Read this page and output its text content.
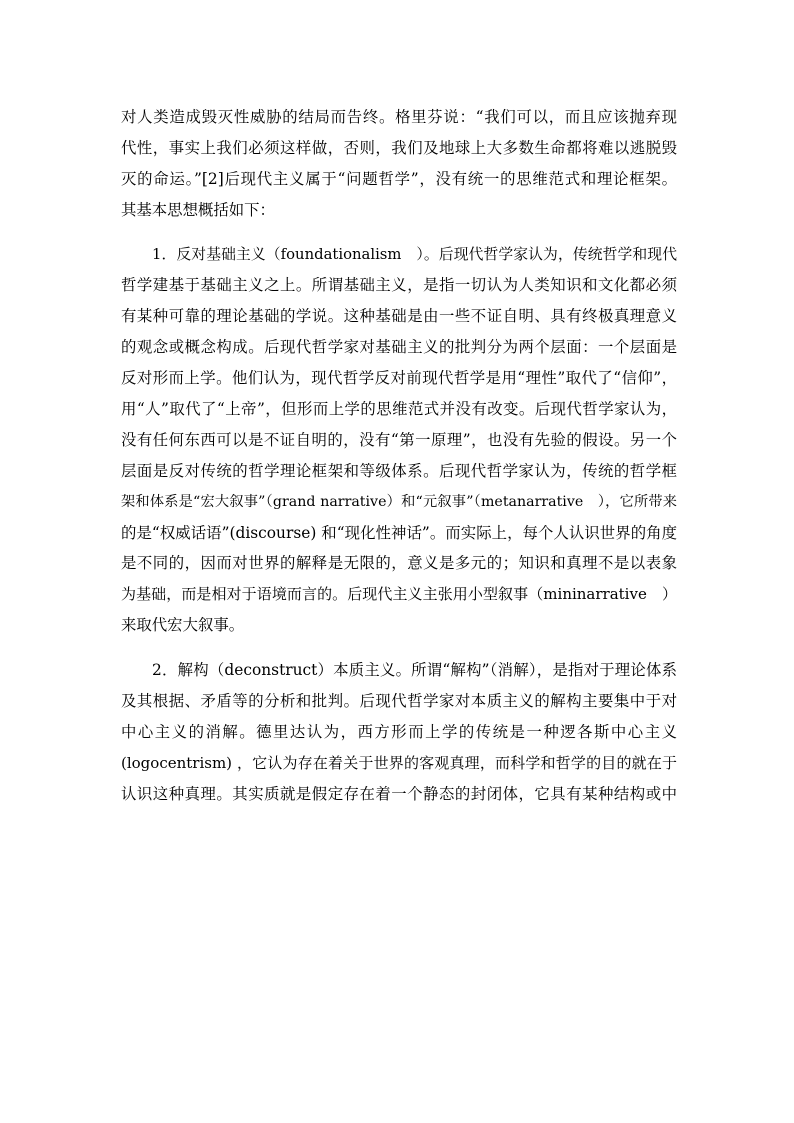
对人类造成毁灭性威胁的结局而告终。格里芬说：“我们可以，而且应该抛弃现
代性，事实上我们必须这样做，否则，我们及地球上大多数生命都将难以逃脱毁
灭的命运。”[2]后现代主义属于“问题哲学”，没有统一的思维范式和理论框架。
其基本思想概括如下：
1．反对基础主义（foundationalism　）。后现代哲学家认为，传统哲学和现代
哲学建基于基础主义之上。所谓基础主义，是指一切认为人类知识和文化都必须
有某种可靠的理论基础的学说。这种基础是由一些不证自明、具有终极真理意义
的观念或概念构成。后现代哲学家对基础主义的批判分为两个层面：一个层面是
反对形而上学。他们认为，现代哲学反对前现代哲学是用“理性”取代了“信仰”，
用“人”取代了“上帝”，但形而上学的思维范式并没有改变。后现代哲学家认为，
没有任何东西可以是不证自明的，没有“第一原理”，也没有先验的假设。另一个
层面是反对传统的哲学理论框架和等级体系。后现代哲学家认为，传统的哲学框
架和体系是“宏大叙事”（grand narrative）和“元叙事”（metanarrative　），它所带来
的是“权威话语”(discourse) 和“现化性神话”。而实际上，每个人认识世界的角度
是不同的，因而对世界的解释是无限的，意义是多元的；知识和真理不是以表象
为基础，而是相对于语境而言的。后现代主义主张用小型叙事（mininarrative　）
来取代宏大叙事。
2．解构（deconstruct）本质主义。所谓“解构”（消解），是指对于理论体系
及其根据、矛盾等的分析和批判。后现代哲学家对本质主义的解构主要集中于对
中心主义的消解。德里达认为，西方形而上学的传统是一种逻各斯中心主义
(logocentrism) ，它认为存在着关于世界的客观真理，而科学和哲学的目的就在于
认识这种真理。其实质就是假定存在着一个静态的封闭体，它具有某种结构或中
